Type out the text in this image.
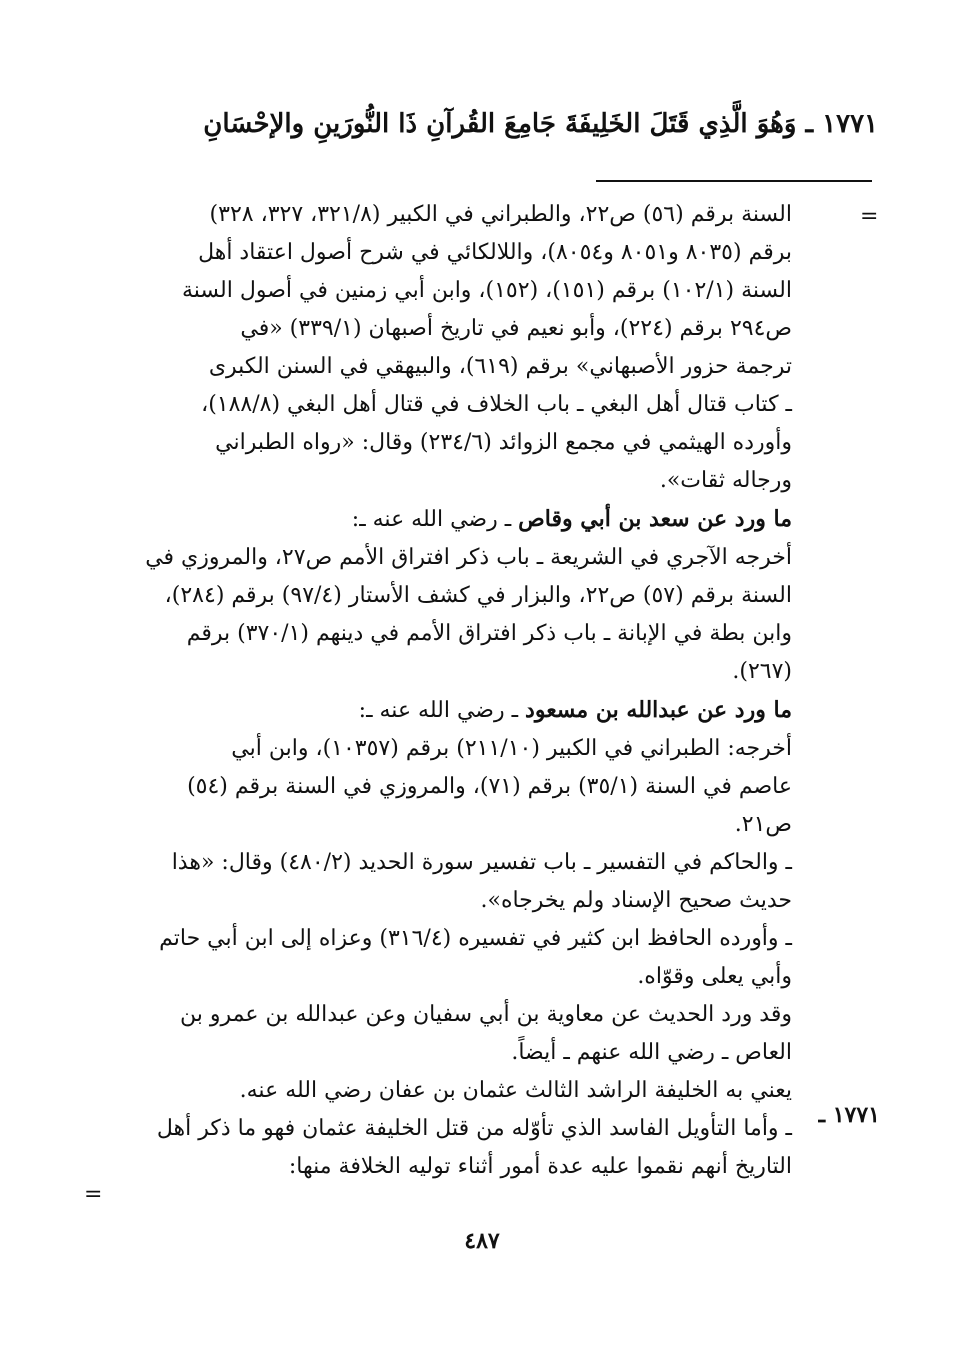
١٧٧١ ـ وَهُوَ الَّذِي قَتَلَ الخَلِيفَةَ جَامِعَ القُرآنِ ذَا النُّورَينِ والإحْسَانِ
=
السنة برقم (٥٦) ص٢٢، والطبراني في الكبير (٣٢١/٨، ٣٢٧، ٣٢٨)
برقم (٨٠٣٥ و٨٠٥١ و٨٠٥٤)، واللالكائي في شرح أصول اعتقاد أهل
السنة (١٠٢/١) برقم (١٥١)، (١٥٢)، وابن أبي زمنين في أصول السنة
ص٢٩٤ برقم (٢٢٤)، وأبو نعيم في تاريخ أصبهان (٣٣٩/١) «في
ترجمة حزور الأصبهاني» برقم (٦١٩)، والبيهقي في السنن الكبرى
ـ كتاب قتال أهل البغي ـ باب الخلاف في قتال أهل البغي (١٨٨/٨)،
وأورده الهيثمي في مجمع الزوائد (٢٣٤/٦) وقال: «رواه الطبراني
ورجاله ثقات».
ما ورد عن سعد بن أبي وقاص ـ رضي الله عنه ـ:
أخرجه الآجري في الشريعة ـ باب ذكر افتراق الأمم ص٢٧، والمروزي في
السنة برقم (٥٧) ص٢٢، والبزار في كشف الأستار (٩٧/٤) برقم (٢٨٤)،
وابن بطة في الإبانة ـ باب ذكر افتراق الأمم في دينهم (٣٧٠/١) برقم
(٢٦٧).
ما ورد عن عبدالله بن مسعود ـ رضي الله عنه ـ:
أخرجه: الطبراني في الكبير (٢١١/١٠) برقم (١٠٣٥٧)، وابن أبي
عاصم في السنة (٣٥/١) برقم (٧١)، والمروزي في السنة برقم (٥٤)
ص٢١.
ـ والحاكم في التفسير ـ باب تفسير سورة الحديد (٤٨٠/٢) وقال: «هذا
حديث صحيح الإسناد ولم يخرجاه».
ـ وأورده الحافظ ابن كثير في تفسيره (٣١٦/٤) وعزاه إلى ابن أبي حاتم
وأبي يعلى وقوّاه.
وقد ورد الحديث عن معاوية بن أبي سفيان وعن عبدالله بن عمرو بن
العاص ـ رضي الله عنهم ـ أيضاً.
يعني به الخليفة الراشد الثالث عثمان بن عفان رضي الله عنه.
ـ وأما التأويل الفاسد الذي تأوّله من قتل الخليفة عثمان فهو ما ذكر أهل
التاريخ أنهم نقموا عليه عدة أمور أثناء توليه الخلافة منها:
١٧٧١ ـ
=
٤٨٧
